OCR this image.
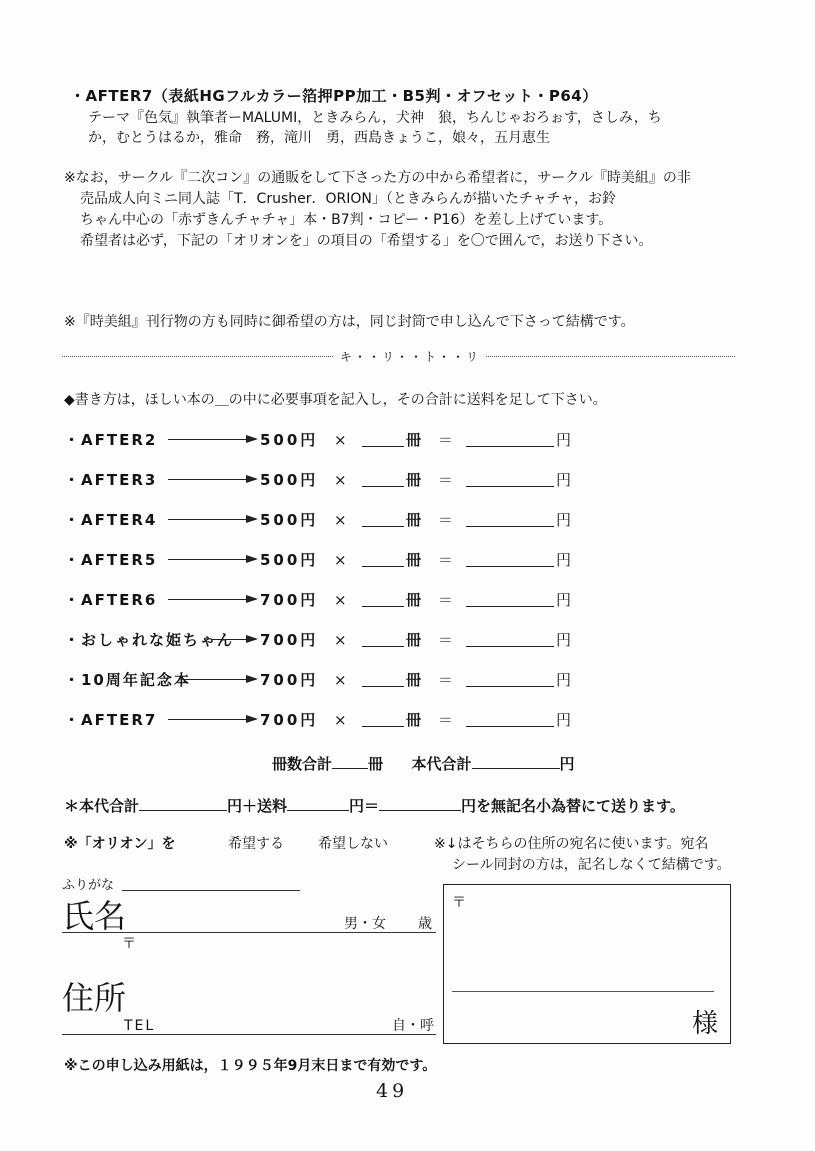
・AFTER7（表紙HGフルカラー箔押PP加工・B5判・オフセット・P64）
テーマ『色気』執筆者ーMALUMI，ときみらん，犬神　狼，ちんじゃおろぉす，さしみ，ち
か，むとうはるか，雅命　務，滝川　勇，西島きょうこ，娘々，五月恵生
※なお，サークル『二次コン』の通販をして下さった方の中から希望者に，サークル『時美組』の非
売品成人向ミニ同人誌「T．Crusher．ORION」（ときみらんが描いたチャチャ，お鈴
ちゃん中心の「赤ずきんチャチャ」本・B7判・コピー・P16）を差し上げています。
希望者は必ず，下記の「オリオンを」の項目の「希望する」を〇で囲んで，お送り下さい。
※『時美組』刊行物の方も同時に御希望の方は，同じ封筒で申し込んで下さって結構です。
キ・・リ・・ト・・リ
◆書き方は，ほしい本の＿の中に必要事項を記入し，その合計に送料を足して下さい。
・AFTER2	500円 ×	冊 ＝	円
・AFTER3	500円 ×	冊 ＝	円
・AFTER4	500円 ×	冊 ＝	円
・AFTER5	500円 ×	冊 ＝	円
・AFTER6	700円 ×	冊 ＝	円
・おしゃれな姫ちゃん 700円 ×	冊 ＝	円
・10周年記念本	700円 ×	冊 ＝	円
・AFTER7	700円 ×	冊 ＝	円
冊数合計 冊 本代合計	円
＊本代合計	円＋送料	円＝	円を無記名小為替にて送ります。
※「オリオン」を	希望する 希望しない	※↓はそちらの住所の宛名に使います。宛名
シール同封の方は，記名しなくて結構です。
ふりがな
氏名	男・女 歳
〒
住所
TEL	自・呼
〒
様
※この申し込み用紙は，１９９５年9月末日まで有効です。
49
